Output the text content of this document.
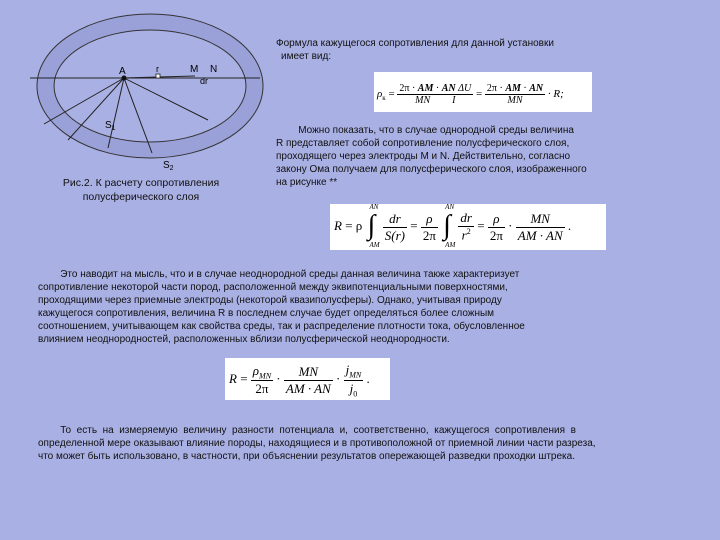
A	r	M N
dr
$S_1$
$S_2$
Рис.2. К расчету сопротивления
полусферического слоя
Формула кажущегося сопротивления для данной установки
имеет вид:
$\rho_к = \frac{\text{2π · AM · AN ΔU}}{\text{MN I}} = \frac{2\pi \cdot AM \cdot AN}{MN} \cdot R$;
Можно показать, что в случае однородной среды величина
R представляет собой сопротивление полусферического слоя,
проходящего через электроды M и N. Действительно, согласно
закону Ома получаем для полусферического слоя, изображенного
на рисунке **
R = ρ
AN
∫
AM

$\frac{dr}{S(r)} = \frac{\rho}{2\pi}$

AN
∫
AM

$\frac{dr}{r^2} = \frac{\rho}{2\pi} \cdot \frac{MN}{AM \cdot AN}$ .
Это наводит на мысль, что и в случае неоднородной среды данная величина также характеризует
сопротивление некоторой части пород, расположенной между эквипотенциальными поверхностями,
проходящими через приемные электроды (некоторой квазиполусферы). Однако, учитывая природу
кажущегося сопротивления, величина R в последнем случае будет определяться более сложным
соотношением, учитывающем как свойства среды, так и распределение плотности тока, обусловленное
влиянием неоднородностей, расположенных вблизи полусферической неоднородности.
$R = \frac{\rho_{MN}}{2\pi} \cdot \frac{MN}{AM \cdot AN} \cdot \frac{j_{MN}}{j_0}$ .
То  есть  на  измеряемую  величину  разности  потенциала  и,  соответственно,  кажущегося  сопротивления  в
определенной мере оказывают влияние породы, находящиеся и в противоположной от приемной линии части разреза,
что может быть использовано, в частности, при объяснении результатов опережающей разведки проходки штрека.
